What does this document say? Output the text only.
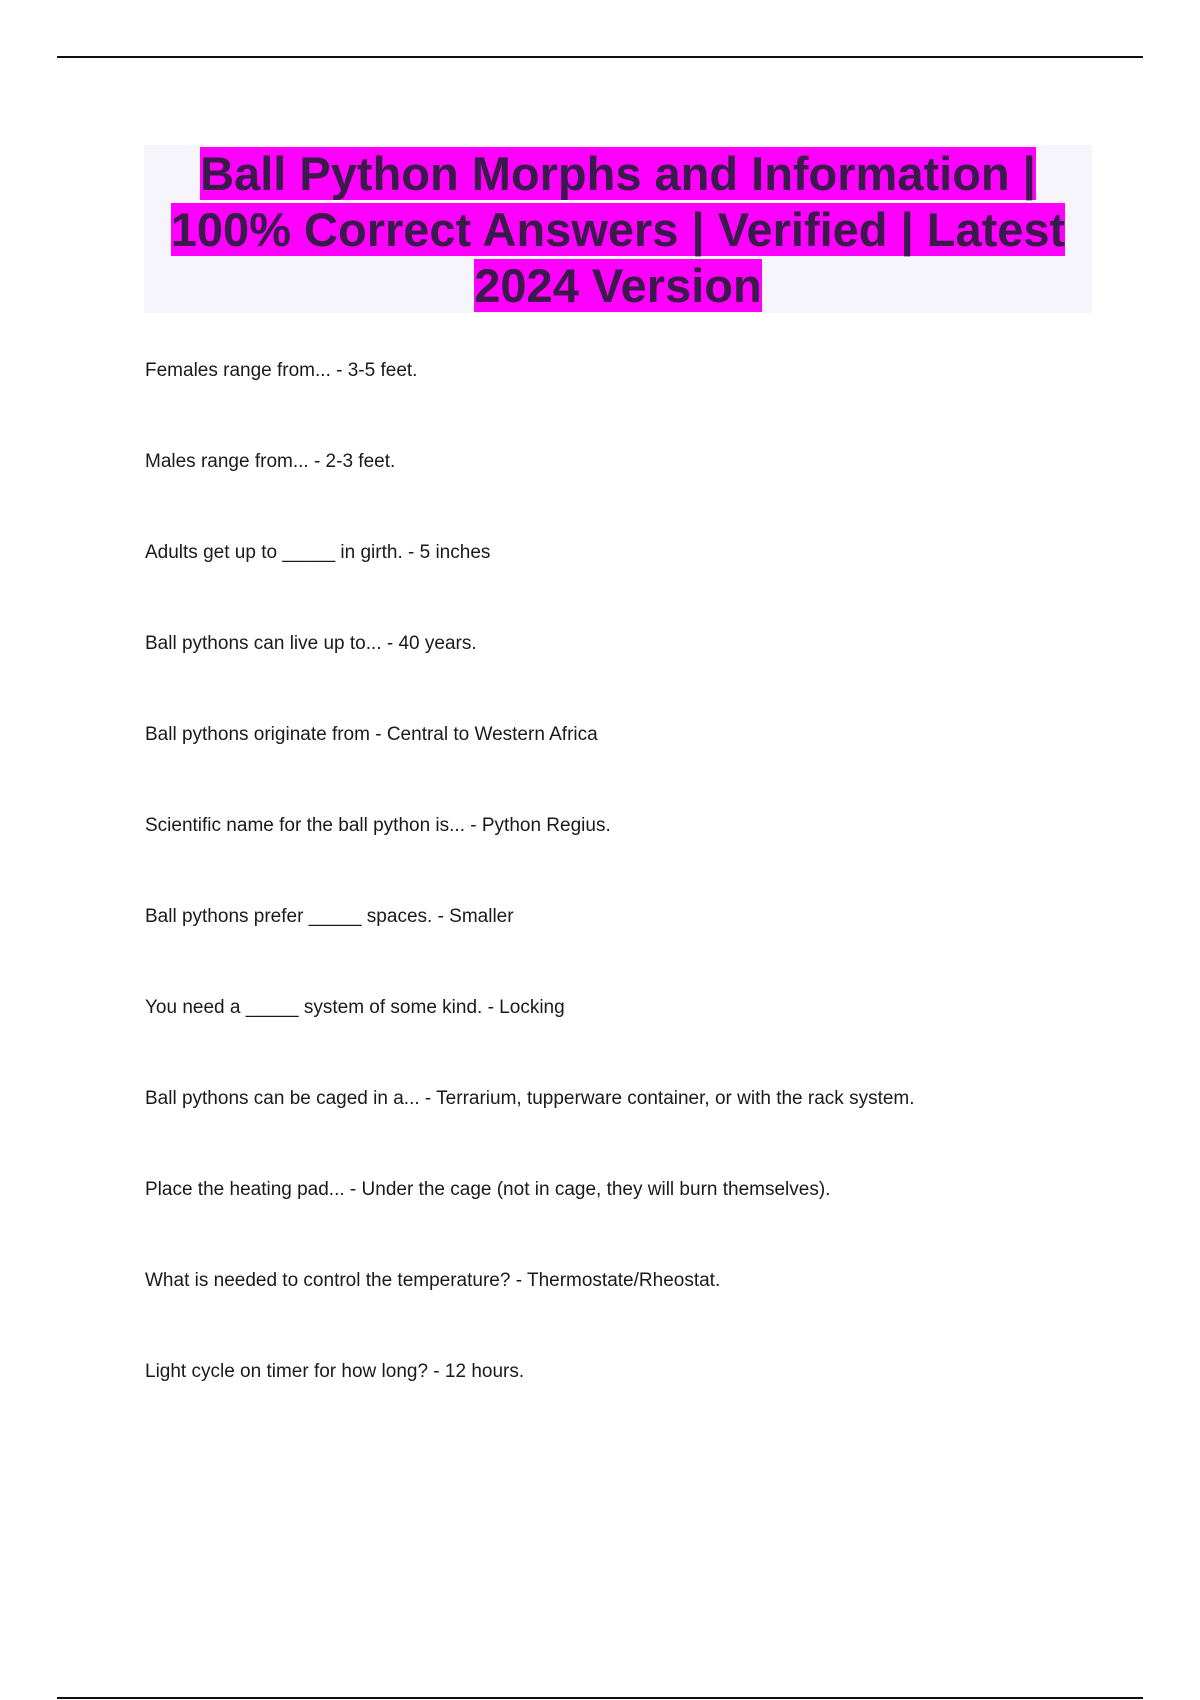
Ball Python Morphs and Information | 100% Correct Answers | Verified | Latest 2024 Version
Females range from... - 3-5 feet.
Males range from... - 2-3 feet.
Adults get up to _____ in girth. - 5 inches
Ball pythons can live up to... - 40 years.
Ball pythons originate from - Central to Western Africa
Scientific name for the ball python is... - Python Regius.
Ball pythons prefer _____ spaces. - Smaller
You need a _____ system of some kind. - Locking
Ball pythons can be caged in a... - Terrarium, tupperware container, or with the rack system.
Place the heating pad... - Under the cage (not in cage, they will burn themselves).
What is needed to control the temperature? - Thermostate/Rheostat.
Light cycle on timer for how long? - 12 hours.
